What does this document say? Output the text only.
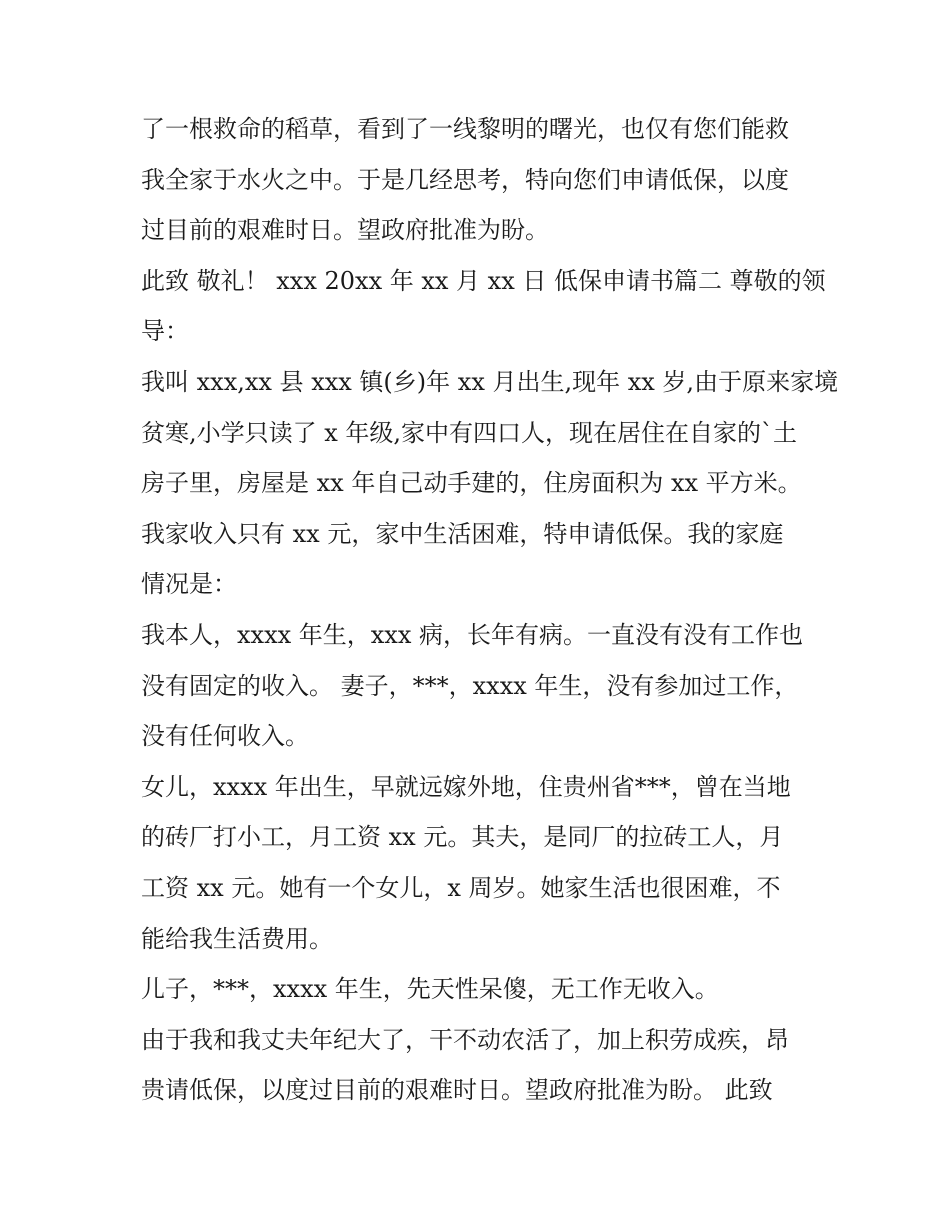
了一根救命的稻草，看到了一线黎明的曙光，也仅有您们能救
我全家于水火之中。于是几经思考，特向您们申请低保，以度
过目前的艰难时日。望政府批准为盼。
此致 敬礼！ xxx 20xx 年 xx 月 xx 日 低保申请书篇二 尊敬的领
导：
我叫 xxx,xx 县 xxx 镇(乡)年 xx 月出生,现年 xx 岁,由于原来家境
贫寒,小学只读了 x 年级,家中有四口人，现在居住在自家的`土
房子里，房屋是 xx 年自己动手建的，住房面积为 xx 平方米。
我家收入只有 xx 元，家中生活困难，特申请低保。我的家庭
情况是：
我本人，xxxx 年生，xxx 病，长年有病。一直没有没有工作也
没有固定的收入。 妻子，***，xxxx 年生，没有参加过工作，
没有任何收入。
女儿，xxxx 年出生，早就远嫁外地，住贵州省***，曾在当地
的砖厂打小工，月工资 xx 元。其夫，是同厂的拉砖工人，月
工资 xx 元。她有一个女儿，x 周岁。她家生活也很困难，不
能给我生活费用。
儿子，***，xxxx 年生，先天性呆傻，无工作无收入。
由于我和我丈夫年纪大了，干不动农活了，加上积劳成疾，昂
贵请低保，以度过目前的艰难时日。望政府批准为盼。 此致
